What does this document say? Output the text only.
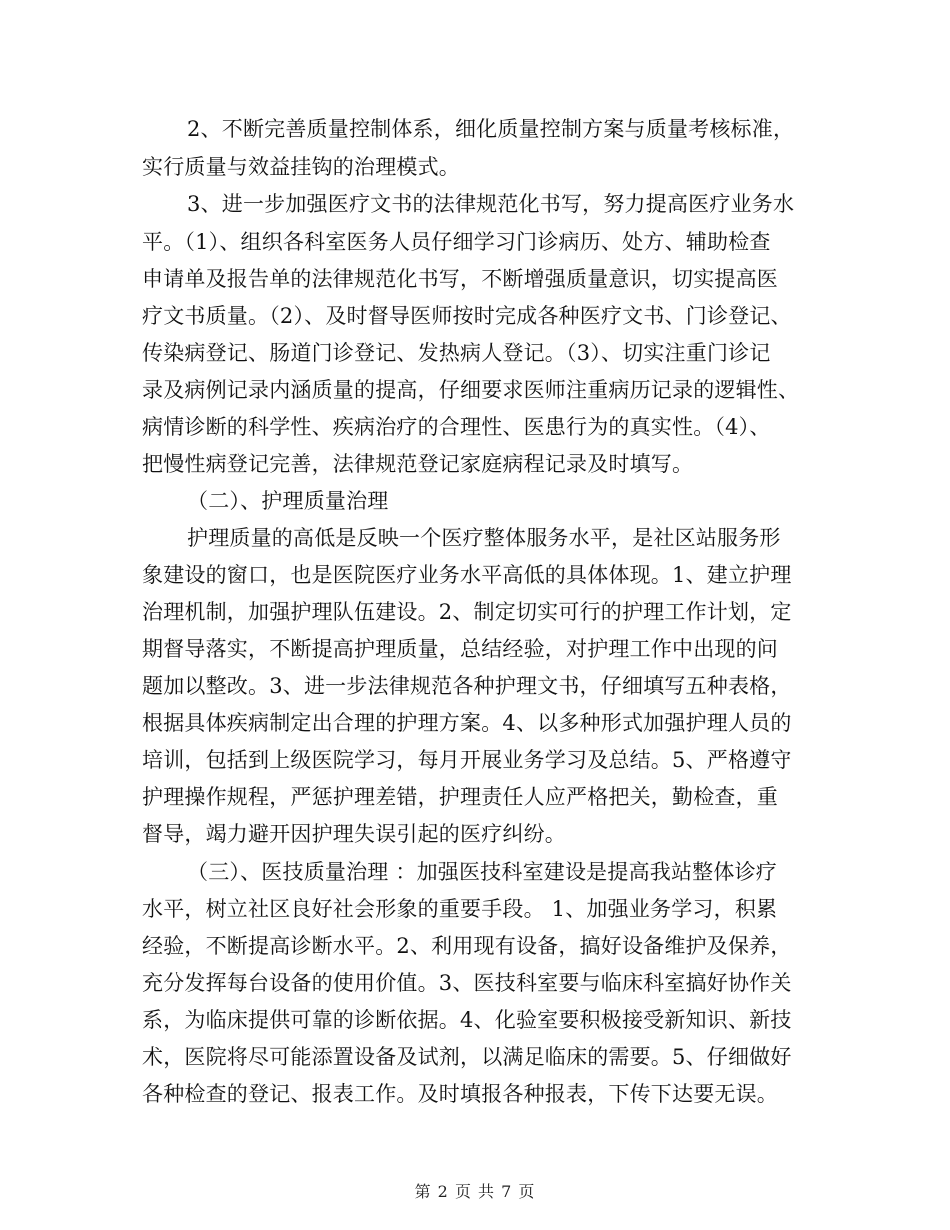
2、不断完善质量控制体系，细化质量控制方案与质量考核标准，
实行质量与效益挂钩的治理模式。
3、进一步加强医疗文书的法律规范化书写，努力提高医疗业务水
平。（1）、组织各科室医务人员仔细学习门诊病历、处方、辅助检查
申请单及报告单的法律规范化书写，不断增强质量意识，切实提高医
疗文书质量。（2）、及时督导医师按时完成各种医疗文书、门诊登记、
传染病登记、肠道门诊登记、发热病人登记。（3）、切实注重门诊记
录及病例记录内涵质量的提高，仔细要求医师注重病历记录的逻辑性、
病情诊断的科学性、疾病治疗的合理性、医患行为的真实性。（4）、
把慢性病登记完善，法律规范登记家庭病程记录及时填写。
（二）、护理质量治理
护理质量的高低是反映一个医疗整体服务水平，是社区站服务形
象建设的窗口，也是医院医疗业务水平高低的具体体现。1、建立护理
治理机制，加强护理队伍建设。2、制定切实可行的护理工作计划，定
期督导落实，不断提高护理质量，总结经验，对护理工作中出现的问
题加以整改。3、进一步法律规范各种护理文书，仔细填写五种表格，
根据具体疾病制定出合理的护理方案。4、以多种形式加强护理人员的
培训，包括到上级医院学习，每月开展业务学习及总结。5、严格遵守
护理操作规程，严惩护理差错，护理责任人应严格把关，勤检查，重
督导，竭力避开因护理失误引起的医疗纠纷。
（三）、医技质量治理 ：加强医技科室建设是提高我站整体诊疗
水平，树立社区良好社会形象的重要手段。 1、加强业务学习，积累
经验，不断提高诊断水平。2、利用现有设备，搞好设备维护及保养，
充分发挥每台设备的使用价值。3、医技科室要与临床科室搞好协作关
系，为临床提供可靠的诊断依据。4、化验室要积极接受新知识、新技
术，医院将尽可能添置设备及试剂，以满足临床的需要。5、仔细做好
各种检查的登记、报表工作。及时填报各种报表，下传下达要无误。
第 2 页 共 7 页
